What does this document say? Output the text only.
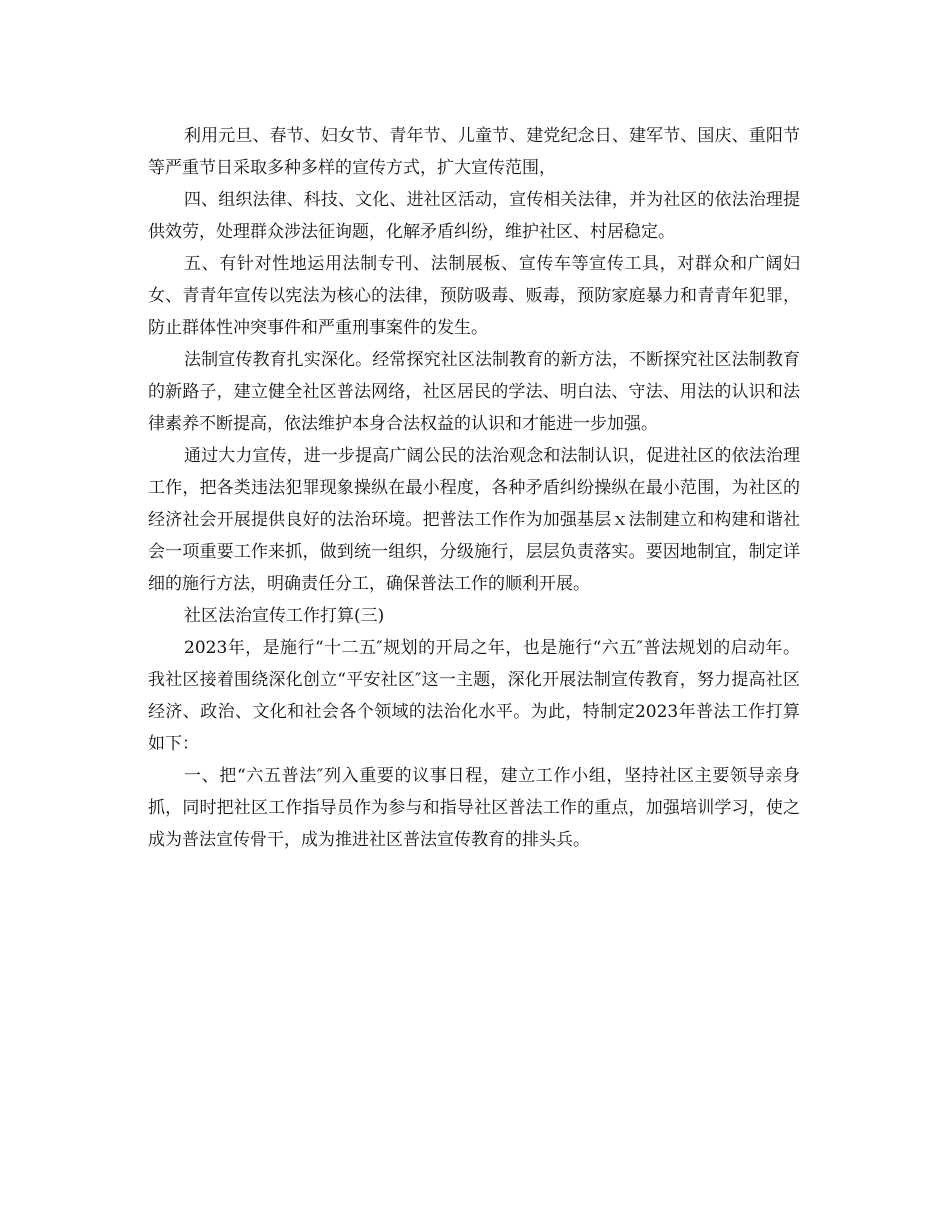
利用元旦、春节、妇女节、青年节、儿童节、建党纪念日、建军节、国庆、重阳节等严重节日采取多种多样的宣传方式，扩大宣传范围，

四、组织法律、科技、文化、进社区活动，宣传相关法律，并为社区的依法治理提供效劳，处理群众涉法征询题，化解矛盾纠纷，维护社区、村居稳定。

五、有针对性地运用法制专刊、法制展板、宣传车等宣传工具，对群众和广阔妇女、青青年宣传以宪法为核心的法律，预防吸毒、贩毒，预防家庭暴力和青青年犯罪，防止群体性冲突事件和严重刑事案件的发生。

法制宣传教育扎实深化。经常探究社区法制教育的新方法，不断探究社区法制教育的新路子，建立健全社区普法网络，社区居民的学法、明白法、守法、用法的认识和法律素养不断提高，依法维护本身合法权益的认识和才能进一步加强。

通过大力宣传，进一步提高广阔公民的法治观念和法制认识，促进社区的依法治理工作，把各类违法犯罪现象操纵在最小程度，各种矛盾纠纷操纵在最小范围，为社区的经济社会开展提供良好的法治环境。把普法工作作为加强基层ｘ法制建立和构建和谐社会一项重要工作来抓，做到统一组织，分级施行，层层负责落实。要因地制宜，制定详细的施行方法，明确责任分工，确保普法工作的顺利开展。

社区法治宣传工作打算(三)

2023年，是施行“十二五″规划的开局之年，也是施行“六五″普法规划的启动年。我社区接着围绕深化创立“平安社区″这一主题，深化开展法制宣传教育，努力提高社区经济、政治、文化和社会各个领域的法治化水平。为此，特制定2023年普法工作打算如下：

一、把“六五普法″列入重要的议事日程，建立工作小组，坚持社区主要领导亲身抓，同时把社区工作指导员作为参与和指导社区普法工作的重点，加强培训学习，使之成为普法宣传骨干，成为推进社区普法宣传教育的排头兵。
